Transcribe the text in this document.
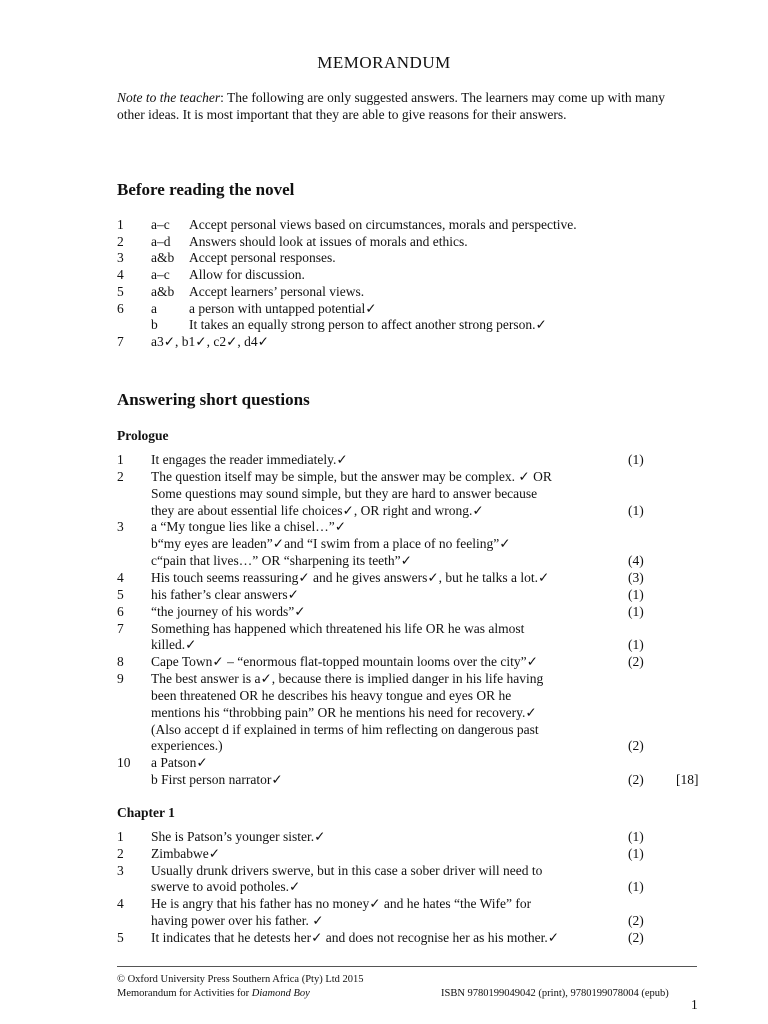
MEMORANDUM
Note to the teacher: The following are only suggested answers. The learners may come up with many other ideas. It is most important that they are able to give reasons for their answers.
Before reading the novel
1 a–c Accept personal views based on circumstances, morals and perspective.
2 a–d Answers should look at issues of morals and ethics.
3 a&b Accept personal responses.
4 a–c Allow for discussion.
5 a&b Accept learners’ personal views.
6 a a person with untapped potential✓
b It takes an equally strong person to affect another strong person.✓
7 a3✓, b1✓, c2✓, d4✓
Answering short questions
Prologue
1 It engages the reader immediately.✓	(1)
2 The question itself may be simple, but the answer may be complex. ✓ OR
Some questions may sound simple, but they are hard to answer because
they are about essential life choices✓, OR right and wrong.✓	(1)
3 a “My tongue lies like a chisel…”✓
b“my eyes are leaden”✓and “I swim from a place of no feeling”✓
c“pain that lives…” OR “sharpening its teeth”✓	(4)
4 His touch seems reassuring✓ and he gives answers✓, but he talks a lot.✓	(3)
5 his father’s clear answers✓	(1)
6 “the journey of his words”✓	(1)
7 Something has happened which threatened his life OR he was almost
killed.✓	(1)
8 Cape Town✓ – “enormous flat-topped mountain looms over the city”✓	(2)
9 The best answer is a✓, because there is implied danger in his life having
been threatened OR he describes his heavy tongue and eyes OR he
mentions his “throbbing pain” OR he mentions his need for recovery.✓
(Also accept d if explained in terms of him reflecting on dangerous past
experiences.)	(2)
10 a Patson✓
b First person narrator✓	(2) [18]
Chapter 1
1 She is Patson’s younger sister.✓	(1)
2 Zimbabwe✓	(1)
3 Usually drunk drivers swerve, but in this case a sober driver will need to
swerve to avoid potholes.✓	(1)
4 He is angry that his father has no money✓ and he hates “the Wife” for
having power over his father. ✓	(2)
5 It indicates that he detests her✓ and does not recognise her as his mother.✓	(2)
© Oxford University Press Southern Africa (Pty) Ltd 2015
Memorandum for Activities for Diamond Boy	ISBN 9780199049042 (print), 9780199078004 (epub)
1
